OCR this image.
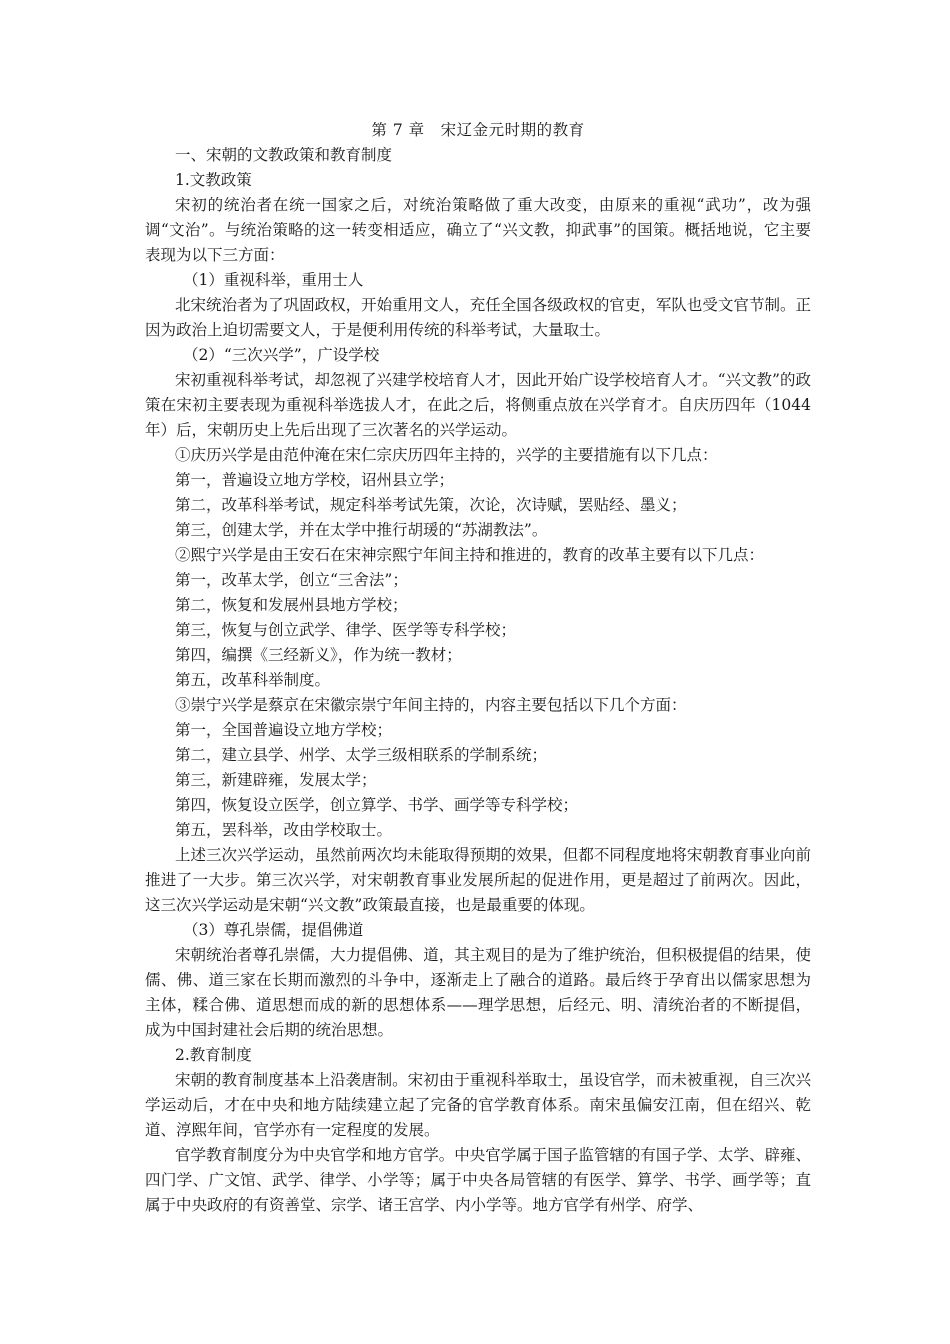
第 7 章　宋辽金元时期的教育

一、宋朝的文教政策和教育制度

1.文教政策

宋初的统治者在统一国家之后，对统治策略做了重大改变，由原来的重视“武功”，改为强调“文治”。与统治策略的这一转变相适应，确立了“兴文教，抑武事”的国策。概括地说，它主要表现为以下三方面：

（1）重视科举，重用士人

北宋统治者为了巩固政权，开始重用文人，充任全国各级政权的官吏，军队也受文官节制。正因为政治上迫切需要文人，于是便利用传统的科举考试，大量取士。

（2）“三次兴学”，广设学校

宋初重视科举考试，却忽视了兴建学校培育人才，因此开始广设学校培育人才。“兴文教”的政策在宋初主要表现为重视科举选拔人才，在此之后，将侧重点放在兴学育才。自庆历四年（1044 年）后，宋朝历史上先后出现了三次著名的兴学运动。

①庆历兴学是由范仲淹在宋仁宗庆历四年主持的，兴学的主要措施有以下几点：

第一，普遍设立地方学校，诏州县立学；

第二，改革科举考试，规定科举考试先策，次论，次诗赋，罢贴经、墨义；

第三，创建太学，并在太学中推行胡瑗的“苏湖教法”。

②熙宁兴学是由王安石在宋神宗熙宁年间主持和推进的，教育的改革主要有以下几点：

第一，改革太学，创立“三舍法”；

第二，恢复和发展州县地方学校；

第三，恢复与创立武学、律学、医学等专科学校；

第四，编撰《三经新义》，作为统一教材；

第五，改革科举制度。

③崇宁兴学是蔡京在宋徽宗崇宁年间主持的，内容主要包括以下几个方面：

第一，全国普遍设立地方学校；

第二，建立县学、州学、太学三级相联系的学制系统；

第三，新建辟雍，发展太学；

第四，恢复设立医学，创立算学、书学、画学等专科学校；

第五，罢科举，改由学校取士。

上述三次兴学运动，虽然前两次均未能取得预期的效果，但都不同程度地将宋朝教育事业向前推进了一大步。第三次兴学，对宋朝教育事业发展所起的促进作用，更是超过了前两次。因此，这三次兴学运动是宋朝“兴文教”政策最直接，也是最重要的体现。

（3）尊孔崇儒，提倡佛道

宋朝统治者尊孔崇儒，大力提倡佛、道，其主观目的是为了维护统治，但积极提倡的结果，使儒、佛、道三家在长期而激烈的斗争中，逐渐走上了融合的道路。最后终于孕育出以儒家思想为主体，糅合佛、道思想而成的新的思想体系——理学思想，后经元、明、清统治者的不断提倡，成为中国封建社会后期的统治思想。

2.教育制度

宋朝的教育制度基本上沿袭唐制。宋初由于重视科举取士，虽设官学，而未被重视，自三次兴学运动后，才在中央和地方陆续建立起了完备的官学教育体系。南宋虽偏安江南，但在绍兴、乾道、淳熙年间，官学亦有一定程度的发展。

官学教育制度分为中央官学和地方官学。中央官学属于国子监管辖的有国子学、太学、辟雍、四门学、广文馆、武学、律学、小学等；属于中央各局管辖的有医学、算学、书学、画学等；直属于中央政府的有资善堂、宗学、诸王宫学、内小学等。地方官学有州学、府学、
